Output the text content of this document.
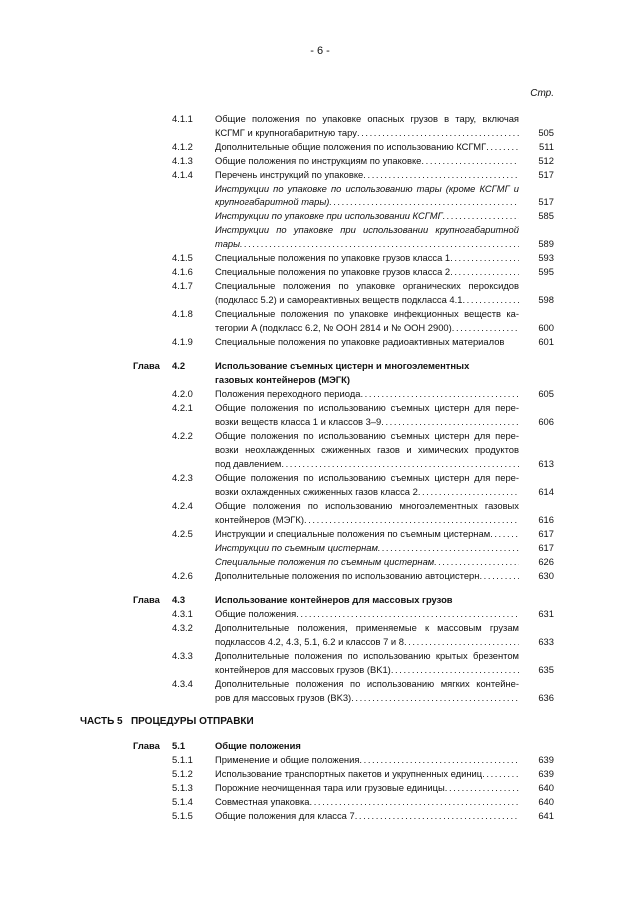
- 6 -
Стр.
4.1.1	Общие положения по упаковке опасных грузов в тару, включая
КСГМГ и крупногабаритную тару . . .	505
4.1.2	Дополнительные общие положения по использованию КСГМГ . . .	511
4.1.3	Общие положения по инструкциям по упаковке . . .	512
4.1.4	Перечень инструкций по упаковке . . .	517
Инструкции по упаковке по использованию тары (кроме КСГМГ и
крупногабаритной тары) . . .	517
Инструкции по упаковке при использовании КСГМГ . . .	585
Инструкции по упаковке при использовании крупногабаритной
тары . . .	589
4.1.5	Специальные положения по упаковке грузов класса 1 . . .	593
4.1.6	Специальные положения по упаковке грузов класса 2 . . .	595
4.1.7	Специальные положения по упаковке органических пероксидов
(подкласс 5.2) и самореактивных веществ подкласса 4.1 . . .	598
4.1.8	Специальные положения по упаковке инфекционных веществ ка-
тегории A (подкласс 6.2, № ООН 2814 и № ООН 2900) . . .	600
4.1.9	Специальные положения по упаковке радиоактивных материалов	601
Глава	4.2	Использование съемных цистерн и многоэлементных
газовых контейнеров (МЭГК)
4.2.0	Положения переходного периода . . .	605
4.2.1	Общие положения по использованию съемных цистерн для пере-
возки веществ класса 1 и классов 3–9 . . .	606
4.2.2	Общие положения по использованию съемных цистерн для пере-
возки неохлажденных сжиженных газов и химических продуктов
под давлением . . .	613
4.2.3	Общие положения по использованию съемных цистерн для пере-
возки охлажденных сжиженных газов класса 2 . . .	614
4.2.4	Общие положения по использованию многоэлементных газовых
контейнеров (МЭГК) . . .	616
4.2.5	Инструкции и специальные положения по съемным цистернам . . .	617
Инструкции по съемным цистернам . . .	617
Специальные положения по съемным цистернам . . .	626
4.2.6	Дополнительные положения по использованию автоцистерн . . .	630
Глава	4.3	Использование контейнеров для массовых грузов
4.3.1	Общие положения . . .	631
4.3.2	Дополнительные положения, применяемые к массовым грузам
подклассов 4.2, 4.3, 5.1, 6.2 и классов 7 и 8 . . .	633
4.3.3	Дополнительные положения по использованию крытых брезентом
контейнеров для массовых грузов (BK1) . . .	635
4.3.4	Дополнительные положения по использованию мягких контейне-
ров для массовых грузов (BK3) . . .	636
ЧАСТЬ 5   ПРОЦЕДУРЫ ОТПРАВКИ
Глава	5.1	Общие положения
5.1.1	Применение и общие положения . . .	639
5.1.2	Использование транспортных пакетов и укрупненных единиц . . .	639
5.1.3	Порожние неочищенная тара или грузовые единицы . . .	640
5.1.4	Совместная упаковка . . .	640
5.1.5	Общие положения для класса 7 . . .	641
